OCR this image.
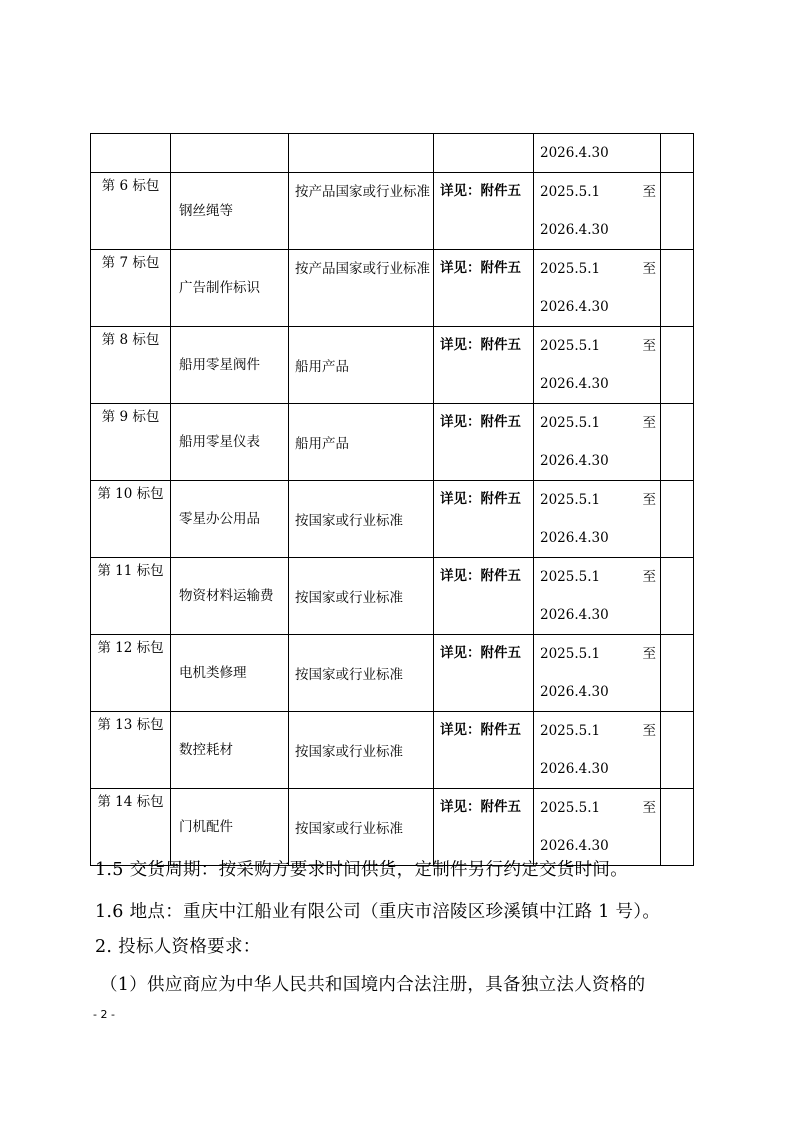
				2026.4.30	

第 6 标包	钢丝绳等	按产品国家或行业标准	详见：附件五	2025.5.1 至
2026.4.30	

第 7 标包	广告制作标识	按产品国家或行业标准	详见：附件五	2025.5.1 至
2026.4.30	

第 8 标包	船用零星阀件	船用产品	详见：附件五	2025.5.1 至
2026.4.30	

第 9 标包	船用零星仪表	船用产品	详见：附件五	2025.5.1 至
2026.4.30	

第 10 标包	零星办公用品	按国家或行业标准	详见：附件五	2025.5.1 至
2026.4.30	

第 11 标包	物资材料运输费	按国家或行业标准	详见：附件五	2025.5.1 至
2026.4.30	

第 12 标包	电机类修理	按国家或行业标准	详见：附件五	2025.5.1 至
2026.4.30	

第 13 标包	数控耗材	按国家或行业标准	详见：附件五	2025.5.1 至
2026.4.30	

第 14 标包	门机配件	按国家或行业标准	详见：附件五	2025.5.1 至
2026.4.30	

1.5 交货周期：按采购方要求时间供货，定制件另行约定交货时间。
1.6 地点：重庆中江船业有限公司（重庆市涪陵区珍溪镇中江路 1 号）。
2. 投标人资格要求：
（1）供应商应为中华人民共和国境内合法注册，具备独立法人资格的
- 2 -
